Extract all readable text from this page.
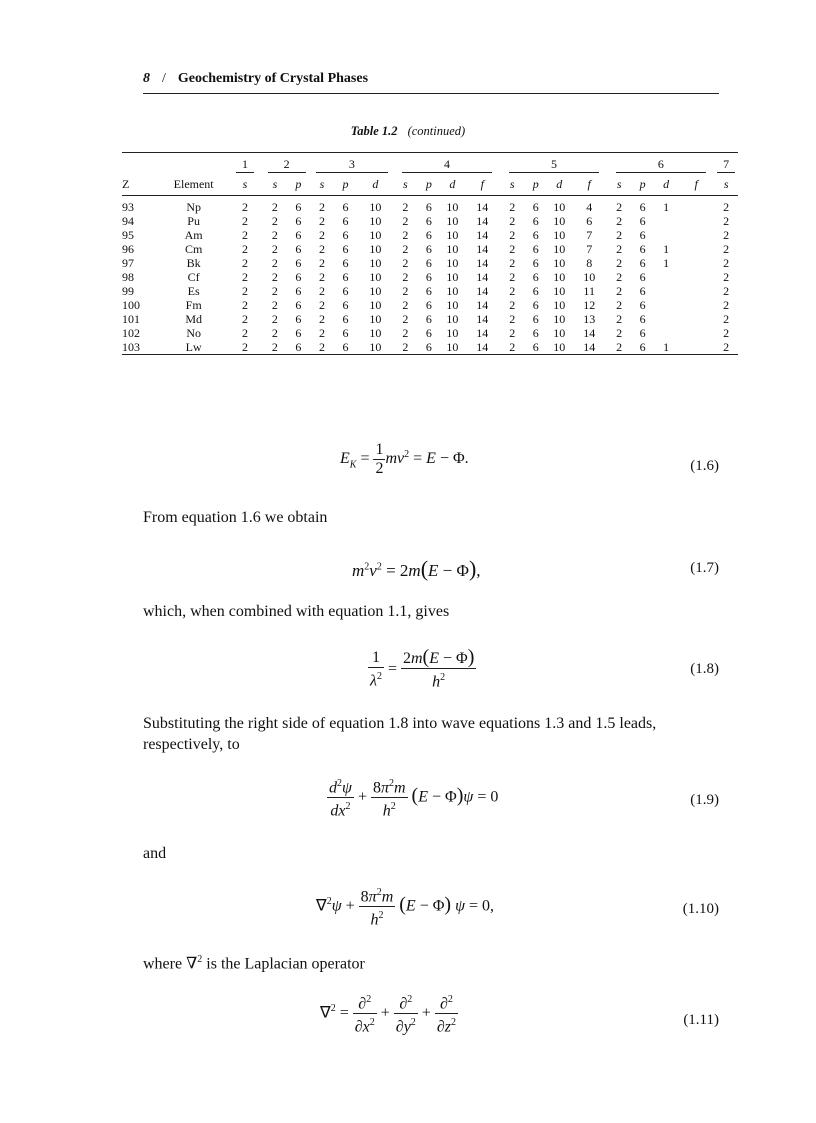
8 / Geochemistry of Crystal Phases
Table 1.2 (continued)

		1	2		3			4				5				6				7
Z	Element	s	s	p	s	p	d	s	p	d	f	s	p	d	f	s	p	d	f	s

93	Np	2	2	6	2	6	10	2	6	10	14	2	6	10	4	2	6	1		2
94	Pu	2	2	6	2	6	10	2	6	10	14	2	6	10	6	2	6			2
95	Am	2	2	6	2	6	10	2	6	10	14	2	6	10	7	2	6			2
96	Cm	2	2	6	2	6	10	2	6	10	14	2	6	10	7	2	6	1		2
97	Bk	2	2	6	2	6	10	2	6	10	14	2	6	10	8	2	6	1		2
98	Cf	2	2	6	2	6	10	2	6	10	14	2	6	10	10	2	6			2
99	Es	2	2	6	2	6	10	2	6	10	14	2	6	10	11	2	6			2
100	Fm	2	2	6	2	6	10	2	6	10	14	2	6	10	12	2	6			2
101	Md	2	2	6	2	6	10	2	6	10	14	2	6	10	13	2	6			2
102	No	2	2	6	2	6	10	2	6	10	14	2	6	10	14	2	6			2
103	Lw	2	2	6	2	6	10	2	6	10	14	2	6	10	14	2	6	1		2

$E_K = \frac{1}{2} mv^2 = E - \Phi$.	(1.6)
From equation 1.6 we obtain
$m^2v^2 = 2m(E - \Phi)$,	(1.7)
which, when combined with equation 1.1, gives
$\frac{1}{\lambda^2} = \frac{2m(E - \Phi)}{h^2}$	(1.8)
Substituting the right side of equation 1.8 into wave equations 1.3 and 1.5 leads, respectively, to
$\frac{d^2\psi}{dx^2} + \frac{8\pi^2m}{h^2} (E - \Phi)\psi = 0$	(1.9)
and
$\nabla^2\psi + \frac{8\pi^2m}{h^2} (E - \Phi) \psi = 0$,	(1.10)
where ∇$^2$ is the Laplacian operator
$\nabla^2 = \frac{\partial^2}{\partial x^2} + \frac{\partial^2}{\partial y^2} + \frac{\partial^2}{\partial z^2}$	(1.11)
